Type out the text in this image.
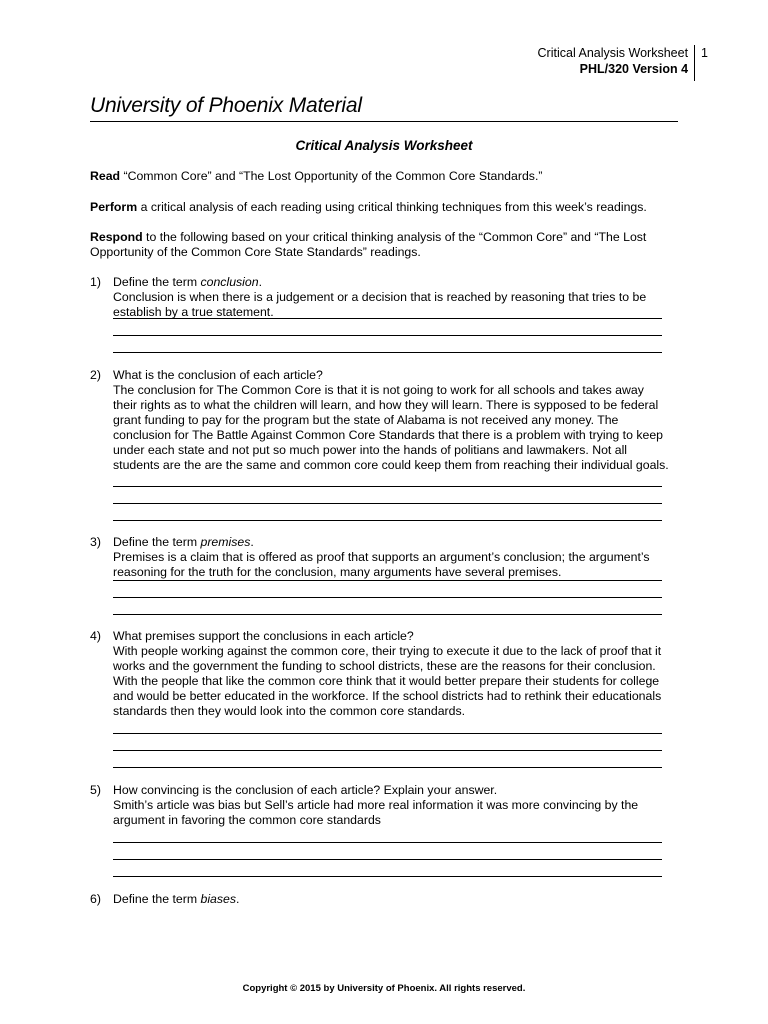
Critical Analysis Worksheet
PHL/320 Version 4
1
University of Phoenix Material
Critical Analysis Worksheet
Read “Common Core” and “The Lost Opportunity of the Common Core Standards.”
Perform a critical analysis of each reading using critical thinking techniques from this week’s readings.
Respond to the following based on your critical thinking analysis of the “Common Core” and “The Lost Opportunity of the Common Core State Standards” readings.
1) Define the term conclusion.
Conclusion is when there is a judgement or a decision that is reached by reasoning that tries to be establish by a true statement.
2) What is the conclusion of each article?
The conclusion for The Common Core is that it is not going to work for all schools and takes away their rights as to what the children will learn, and how they will learn. There is sypposed to be federal grant funding to pay for the program but the state of Alabama is not received any money. The conclusion for The Battle Against Common Core Standards that there is a problem with trying to keep under each state and not put so much power into the hands of politians and lawmakers. Not all students are the are the same and common core could keep them from reaching their individual goals.
3) Define the term premises.
Premises is a claim that is offered as proof that supports an argument’s conclusion; the argument’s reasoning for the truth for the conclusion, many arguments have several premises.
4) What premises support the conclusions in each article?
With people working against the common core, their trying to execute it due to the lack of proof that it works and the government the funding to school districts, these are the reasons for their conclusion. With the people that like the common core think that it would better prepare their students for college and would be better educated in the workforce. If the school districts had to rethink their educationals standards then they would look into the common core standards.
5) How convincing is the conclusion of each article? Explain your answer.
Smith’s article was bias but Sell’s article had more real information it was more convincing by the argument in favoring the common core standards
6) Define the term biases.
Copyright © 2015 by University of Phoenix. All rights reserved.
